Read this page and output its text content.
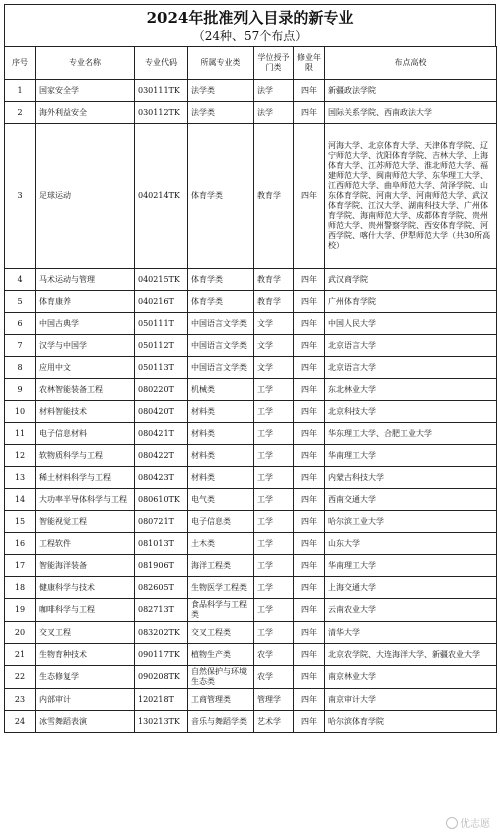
2024年批准列入目录的新专业
（24种、57个布点）
序号	专业名称	专业代码	所属专业类	学位授予门类	修业年限	布点高校
1	国家安全学	030111TK	法学类	法学	四年	新疆政法学院
2	海外利益安全	030112TK	法学类	法学	四年	国际关系学院、西南政法大学
3	足球运动	040214TK	体育学类	教育学	四年	河海大学、北京体育大学、天津体育学院、辽宁师范大学、沈阳体育学院、吉林大学、上海体育大学、江苏师范大学、淮北师范大学、福建师范大学、闽南师范大学、东华理工大学、江西师范大学、曲阜师范大学、菏泽学院、山东体育学院、河南大学、河南师范大学、武汉体育学院、江汉大学、湖南科技大学、广州体育学院、海南师范大学、成都体育学院、贵州师范大学、贵州警察学院、西安体育学院、河西学院、喀什大学、伊犁师范大学（共30所高校）
4	马术运动与管理	040215TK	体育学类	教育学	四年	武汉商学院
5	体育康养	040216T	体育学类	教育学	四年	广州体育学院
6	中国古典学	050111T	中国语言文学类	文学	四年	中国人民大学
7	汉学与中国学	050112T	中国语言文学类	文学	四年	北京语言大学
8	应用中文	050113T	中国语言文学类	文学	四年	北京语言大学
9	农林智能装备工程	080220T	机械类	工学	四年	东北林业大学
10	材料智能技术	080420T	材料类	工学	四年	北京科技大学
11	电子信息材料	080421T	材料类	工学	四年	华东理工大学、合肥工业大学
12	软物质科学与工程	080422T	材料类	工学	四年	华南理工大学
13	稀土材料科学与工程	080423T	材料类	工学	四年	内蒙古科技大学
14	大功率半导体科学与工程	080610TK	电气类	工学	四年	西南交通大学
15	智能视觉工程	080721T	电子信息类	工学	四年	哈尔滨工业大学
16	工程软件	081013T	土木类	工学	四年	山东大学
17	智能海洋装备	081906T	海洋工程类	工学	四年	华南理工大学
18	健康科学与技术	082605T	生物医学工程类	工学	四年	上海交通大学
19	咖啡科学与工程	082713T	食品科学与工程类	工学	四年	云南农业大学
20	交叉工程	083202TK	交叉工程类	工学	四年	清华大学
21	生物育种技术	090117TK	植物生产类	农学	四年	北京农学院、大连海洋大学、新疆农业大学
22	生态修复学	090208TK	自然保护与环境生态类	农学	四年	南京林业大学
23	内部审计	120218T	工商管理类	管理学	四年	南京审计大学
24	冰雪舞蹈表演	130213TK	音乐与舞蹈学类	艺术学	四年	哈尔滨体育学院
优志愿
